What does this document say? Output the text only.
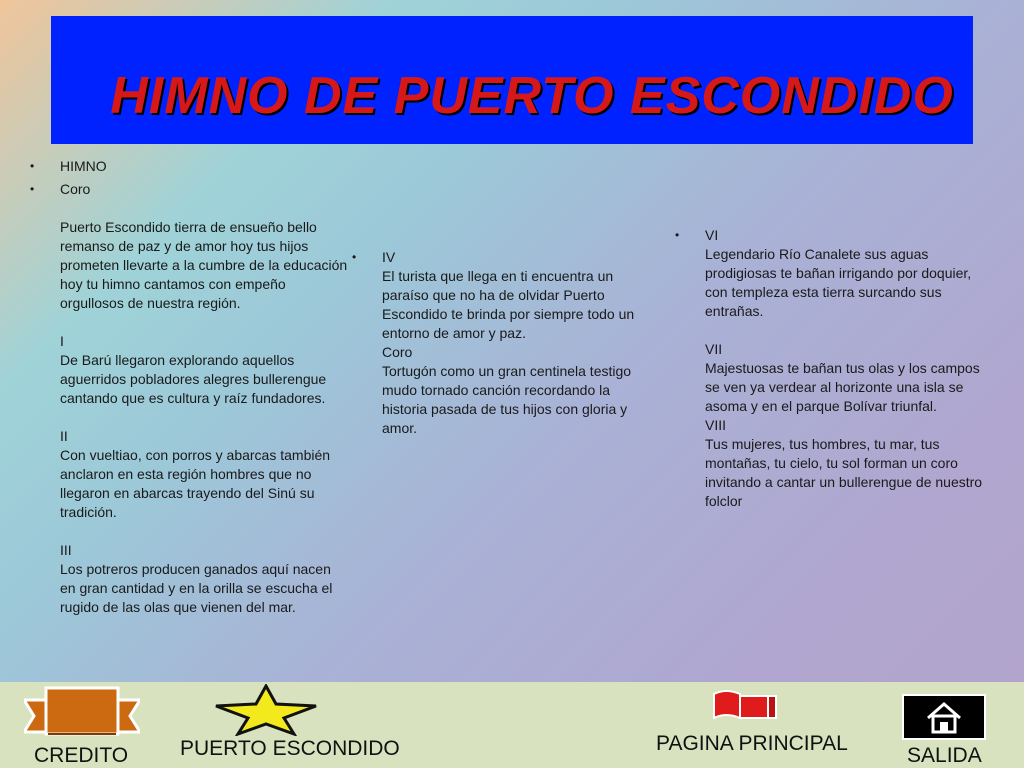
HIMNO DE PUERTO ESCONDIDO
• HIMNO
• Coro

Puerto Escondido tierra de ensueño bello remanso de paz y de amor hoy tus hijos prometen llevarte a la cumbre de la educación hoy tu himno cantamos con empeño orgullosos de nuestra región.

I
De Barú llegaron explorando aquellos aguerridos pobladores alegres bullerengue cantando que es cultura y raíz fundadores.

II
Con vueltiao, con porros y abarcas también anclaron en esta región hombres que no llegaron en abarcas trayendo del Sinú su tradición.

III
Los potreros producen ganados aquí nacen en gran cantidad y en la orilla se escucha el rugido de las olas que vienen del mar.
• IV
El turista que llega en ti encuentra un paraíso que no ha de olvidar Puerto Escondido te brinda por siempre todo un entorno de amor y paz.
Coro
Tortugón como un gran centinela testigo mudo tornado canción recordando la historia pasada de tus hijos con gloria y amor.
• VI
Legendario Río Canalete sus aguas prodigiosas te bañan irrigando por doquier, con templeza esta tierra surcando sus entrañas.

VII
Majestuosas te bañan tus olas y los campos se ven ya verdear al horizonte una isla se asoma y en el parque Bolívar triunfal.
VIII
Tus mujeres, tus hombres, tu mar, tus montañas, tu cielo, tu sol forman un coro invitando a cantar un bullerengue de nuestro folclor
CREDITO PUERTO ESCONDIDO	PAGINA PRINCIPAL
SALIDA
